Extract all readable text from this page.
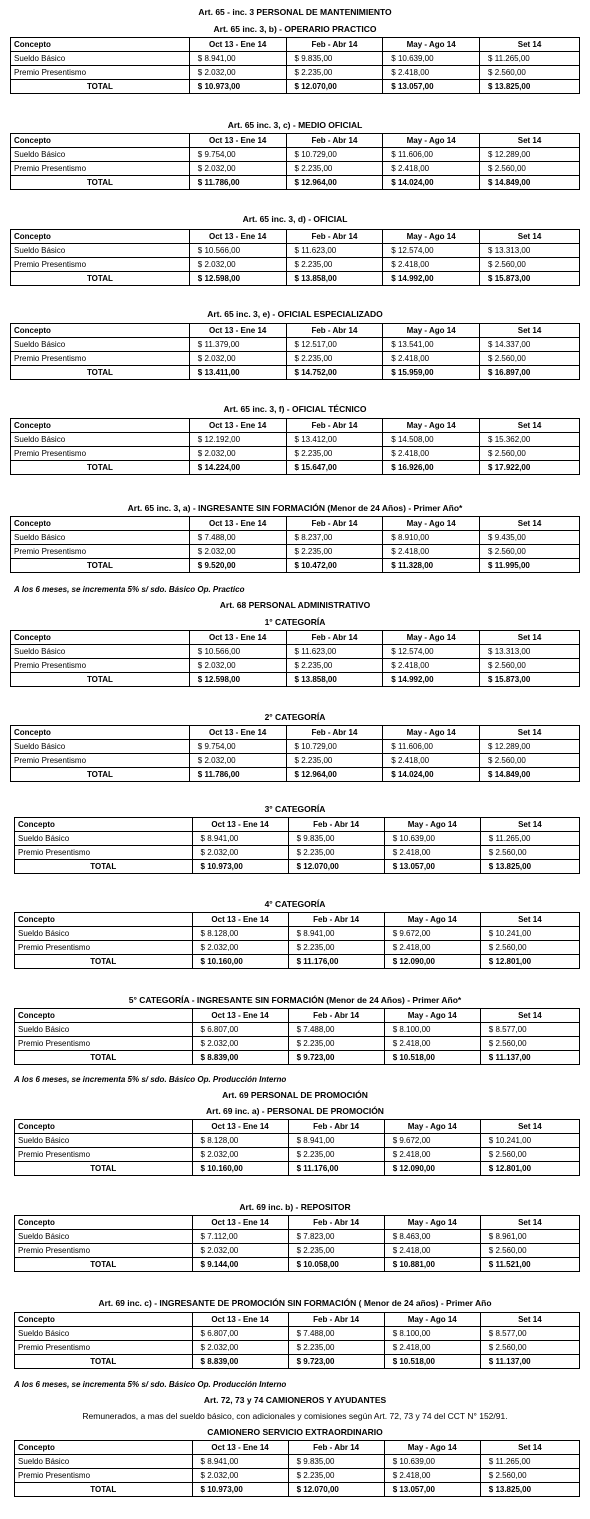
Art. 65 - inc. 3 PERSONAL DE MANTENIMIENTO
Art. 65 inc. 3, b) - OPERARIO PRACTICO
Art. 65 inc. 3, c) - MEDIO OFICIAL
Art. 65 inc. 3, d) - OFICIAL
Art. 65 inc. 3, e) - OFICIAL ESPECIALIZADO
Art. 65 inc. 3, f) - OFICIAL TÉCNICO
Art. 65 inc. 3, a) - INGRESANTE SIN FORMACIÓN (Menor de 24 Años) - Primer Año*
A los 6 meses, se incrementa 5% s/ sdo. Básico Op. Practico
Art. 68 PERSONAL ADMINISTRATIVO
1° CATEGORÍA
2° CATEGORÍA
3° CATEGORÍA
4° CATEGORÍA
5° CATEGORÍA - INGRESANTE SIN FORMACIÓN (Menor de 24 Años) - Primer Año*
A los 6 meses, se incrementa 5% s/ sdo. Básico Op. Producción Interno
Art. 69 PERSONAL DE PROMOCIÓN
Art. 69 inc. a) - PERSONAL DE PROMOCIÓN
Art. 69 inc. b) - REPOSITOR
Art. 69 inc. c) - INGRESANTE DE PROMOCIÓN SIN FORMACIÓN ( Menor de 24 años) - Primer Año
A los 6 meses, se incrementa 5% s/ sdo. Básico Op. Producción Interno
Art. 72, 73 y 74 CAMIONEROS Y AYUDANTES
Remunerados, a mas del sueldo básico, con adicionales y comisiones según Art. 72, 73 y 74 del CCT N° 152/91.
CAMIONERO SERVICIO EXTRAORDINARIO
Concepto	Oct 13 - Ene 14	Feb - Abr 14	May - Ago 14	Set 14
Sueldo Básico	$ 8.941,00	$ 9.835,00	$ 10.639,00	$ 11.265,00
Premio Presentismo	$ 2.032,00	$ 2.235,00	$ 2.418,00	$ 2.560,00
TOTAL	$ 10.973,00	$ 12.070,00	$ 13.057,00	$ 13.825,00
Concepto	Oct 13 - Ene 14	Feb - Abr 14	May - Ago 14	Set 14
Sueldo Básico	$ 9.754,00	$ 10.729,00	$ 11.606,00	$ 12.289,00
Premio Presentismo	$ 2.032,00	$ 2.235,00	$ 2.418,00	$ 2.560,00
TOTAL	$ 11.786,00	$ 12.964,00	$ 14.024,00	$ 14.849,00
Concepto	Oct 13 - Ene 14	Feb - Abr 14	May - Ago 14	Set 14
Sueldo Básico	$ 10.566,00	$ 11.623,00	$ 12.574,00	$ 13.313,00
Premio Presentismo	$ 2.032,00	$ 2.235,00	$ 2.418,00	$ 2.560,00
TOTAL	$ 12.598,00	$ 13.858,00	$ 14.992,00	$ 15.873,00
Concepto	Oct 13 - Ene 14	Feb - Abr 14	May - Ago 14	Set 14
Sueldo Básico	$ 11.379,00	$ 12.517,00	$ 13.541,00	$ 14.337,00
Premio Presentismo	$ 2.032,00	$ 2.235,00	$ 2.418,00	$ 2.560,00
TOTAL	$ 13.411,00	$ 14.752,00	$ 15.959,00	$ 16.897,00
Concepto	Oct 13 - Ene 14	Feb - Abr 14	May - Ago 14	Set 14
Sueldo Básico	$ 12.192,00	$ 13.412,00	$ 14.508,00	$ 15.362,00
Premio Presentismo	$ 2.032,00	$ 2.235,00	$ 2.418,00	$ 2.560,00
TOTAL	$ 14.224,00	$ 15.647,00	$ 16.926,00	$ 17.922,00
Concepto	Oct 13 - Ene 14	Feb - Abr 14	May - Ago 14	Set 14
Sueldo Básico	$ 7.488,00	$ 8.237,00	$ 8.910,00	$ 9.435,00
Premio Presentismo	$ 2.032,00	$ 2.235,00	$ 2.418,00	$ 2.560,00
TOTAL	$ 9.520,00	$ 10.472,00	$ 11.328,00	$ 11.995,00
Concepto	Oct 13 - Ene 14	Feb - Abr 14	May - Ago 14	Set 14
Sueldo Básico	$ 10.566,00	$ 11.623,00	$ 12.574,00	$ 13.313,00
Premio Presentismo	$ 2.032,00	$ 2.235,00	$ 2.418,00	$ 2.560,00
TOTAL	$ 12.598,00	$ 13.858,00	$ 14.992,00	$ 15.873,00
Concepto	Oct 13 - Ene 14	Feb - Abr 14	May - Ago 14	Set 14
Sueldo Básico	$ 9.754,00	$ 10.729,00	$ 11.606,00	$ 12.289,00
Premio Presentismo	$ 2.032,00	$ 2.235,00	$ 2.418,00	$ 2.560,00
TOTAL	$ 11.786,00	$ 12.964,00	$ 14.024,00	$ 14.849,00
Concepto	Oct 13 - Ene 14	Feb - Abr 14	May - Ago 14	Set 14
Sueldo Básico	$ 8.941,00	$ 9.835,00	$ 10.639,00	$ 11.265,00
Premio Presentismo	$ 2.032,00	$ 2.235,00	$ 2.418,00	$ 2.560,00
TOTAL	$ 10.973,00	$ 12.070,00	$ 13.057,00	$ 13.825,00
Concepto	Oct 13 - Ene 14	Feb - Abr 14	May - Ago 14	Set 14
Sueldo Básico	$ 8.128,00	$ 8.941,00	$ 9.672,00	$ 10.241,00
Premio Presentismo	$ 2.032,00	$ 2.235,00	$ 2.418,00	$ 2.560,00
TOTAL	$ 10.160,00	$ 11.176,00	$ 12.090,00	$ 12.801,00
Concepto	Oct 13 - Ene 14	Feb - Abr 14	May - Ago 14	Set 14
Sueldo Básico	$ 6.807,00	$ 7.488,00	$ 8.100,00	$ 8.577,00
Premio Presentismo	$ 2.032,00	$ 2.235,00	$ 2.418,00	$ 2.560,00
TOTAL	$ 8.839,00	$ 9.723,00	$ 10.518,00	$ 11.137,00
Concepto	Oct 13 - Ene 14	Feb - Abr 14	May - Ago 14	Set 14
Sueldo Básico	$ 8.128,00	$ 8.941,00	$ 9.672,00	$ 10.241,00
Premio Presentismo	$ 2.032,00	$ 2.235,00	$ 2.418,00	$ 2.560,00
TOTAL	$ 10.160,00	$ 11.176,00	$ 12.090,00	$ 12.801,00
Concepto	Oct 13 - Ene 14	Feb - Abr 14	May - Ago 14	Set 14
Sueldo Básico	$ 7.112,00	$ 7.823,00	$ 8.463,00	$ 8.961,00
Premio Presentismo	$ 2.032,00	$ 2.235,00	$ 2.418,00	$ 2.560,00
TOTAL	$ 9.144,00	$ 10.058,00	$ 10.881,00	$ 11.521,00
Concepto	Oct 13 - Ene 14	Feb - Abr 14	May - Ago 14	Set 14
Sueldo Básico	$ 6.807,00	$ 7.488,00	$ 8.100,00	$ 8.577,00
Premio Presentismo	$ 2.032,00	$ 2.235,00	$ 2.418,00	$ 2.560,00
TOTAL	$ 8.839,00	$ 9.723,00	$ 10.518,00	$ 11.137,00
Concepto	Oct 13 - Ene 14	Feb - Abr 14	May - Ago 14	Set 14
Sueldo Básico	$ 8.941,00	$ 9.835,00	$ 10.639,00	$ 11.265,00
Premio Presentismo	$ 2.032,00	$ 2.235,00	$ 2.418,00	$ 2.560,00
TOTAL	$ 10.973,00	$ 12.070,00	$ 13.057,00	$ 13.825,00
